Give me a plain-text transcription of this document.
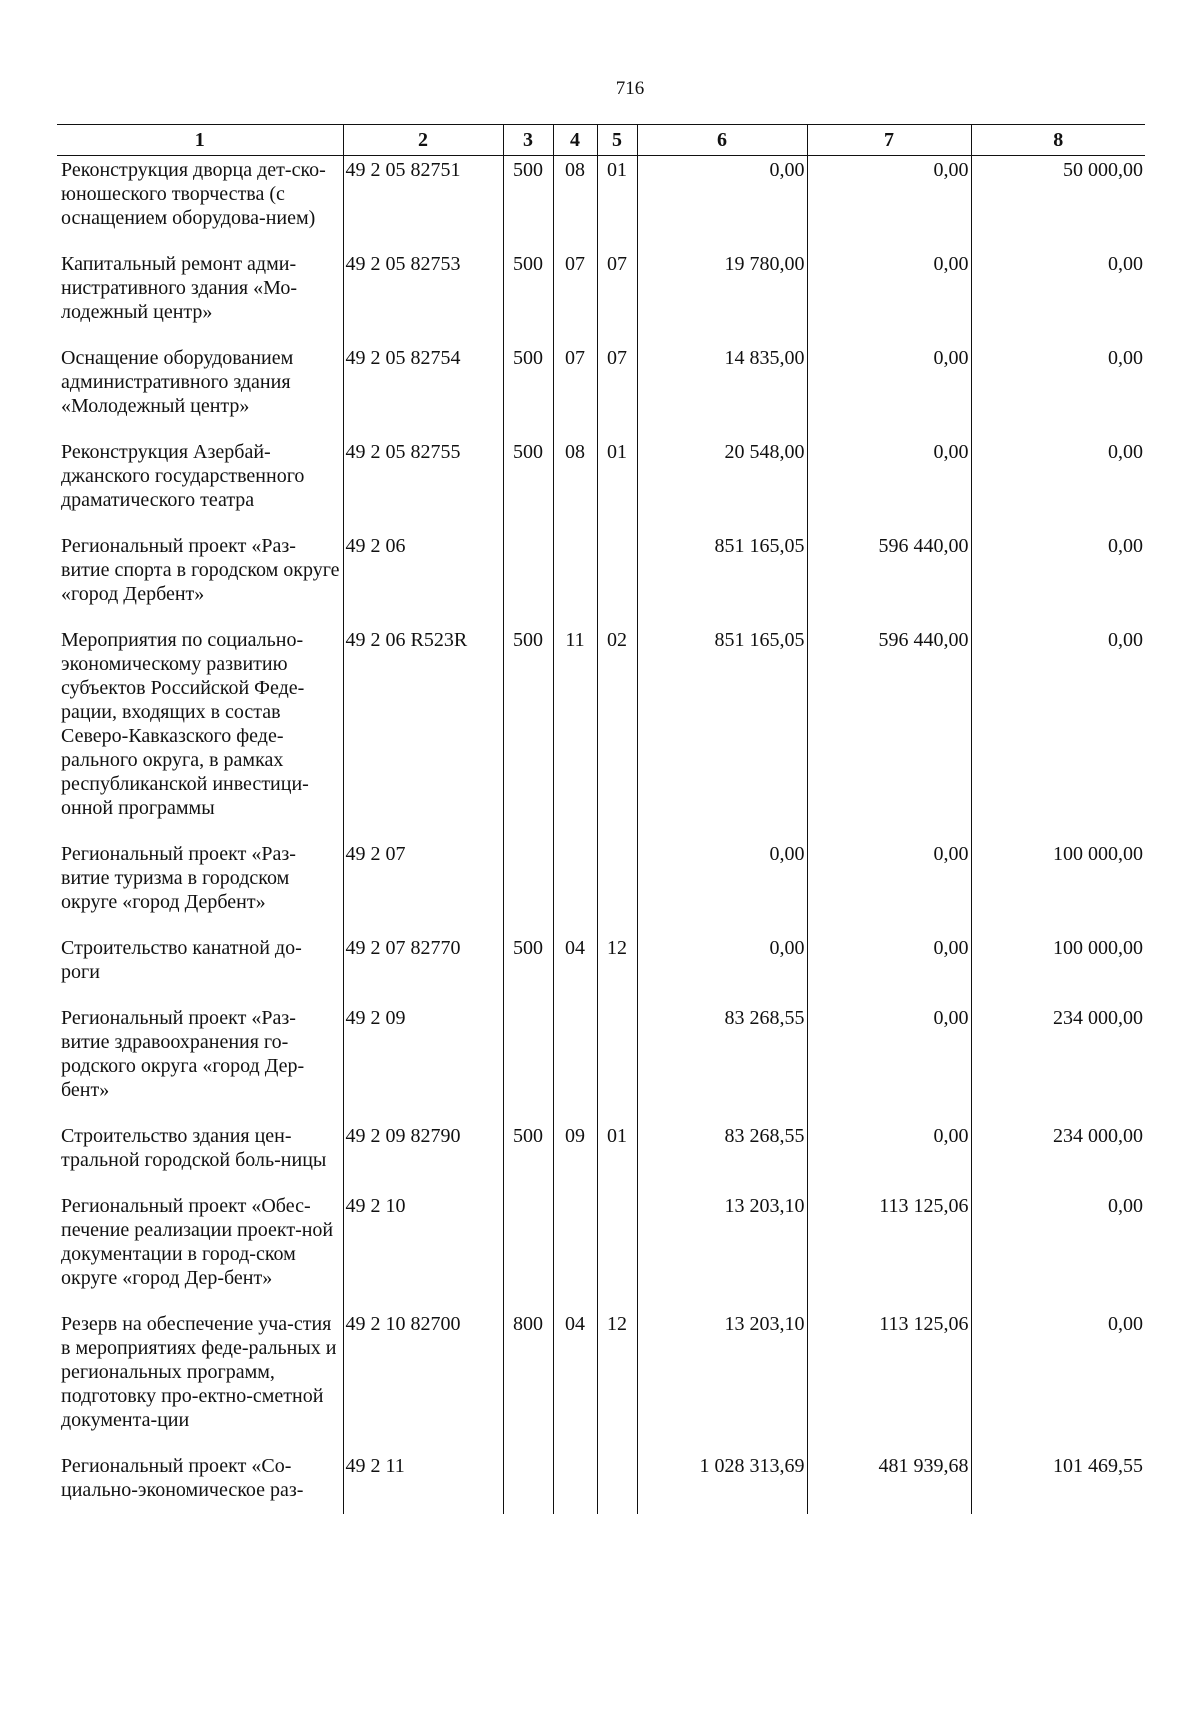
716
1	2	3	4	5	6	7	8
Реконструкция дворца дет-ско-юношеского творчества (с оснащением оборудова-нием)	49 2 05 82751	500	08	01	0,00	0,00	50 000,00
Капитальный ремонт адми-нистративного здания «Мо-лодежный центр»	49 2 05 82753	500	07	07	19 780,00	0,00	0,00
Оснащение оборудованием административного здания «Молодежный центр»	49 2 05 82754	500	07	07	14 835,00	0,00	0,00
Реконструкция Азербай-джанского государственного драматического театра	49 2 05 82755	500	08	01	20 548,00	0,00	0,00
Региональный проект «Раз-витие спорта в городском округе «город Дербент»	49 2 06				851 165,05	596 440,00	0,00
Мероприятия по социально-экономическому развитию субъектов Российской Феде-рации, входящих в состав Северо-Кавказского феде-рального округа, в рамках республиканской инвестици-онной программы	49 2 06 R523R	500	11	02	851 165,05	596 440,00	0,00
Региональный проект «Раз-витие туризма в городском округе «город Дербент»	49 2 07				0,00	0,00	100 000,00
Строительство канатной до-роги	49 2 07 82770	500	04	12	0,00	0,00	100 000,00
Региональный проект «Раз-витие здравоохранения го-родского округа «город Дер-бент»	49 2 09				83 268,55	0,00	234 000,00
Строительство здания цен-тральной городской боль-ницы	49 2 09 82790	500	09	01	83 268,55	0,00	234 000,00
Региональный проект «Обес-печение реализации проект-ной документации в город-ском округе «город Дер-бент»	49 2 10				13 203,10	113 125,06	0,00
Резерв на обеспечение уча-стия в мероприятиях феде-ральных и региональных программ, подготовку про-ектно-сметной документа-ции	49 2 10 82700	800	04	12	13 203,10	113 125,06	0,00
Региональный проект «Со-циально-экономическое раз-	49 2 11				1 028 313,69	481 939,68	101 469,55
